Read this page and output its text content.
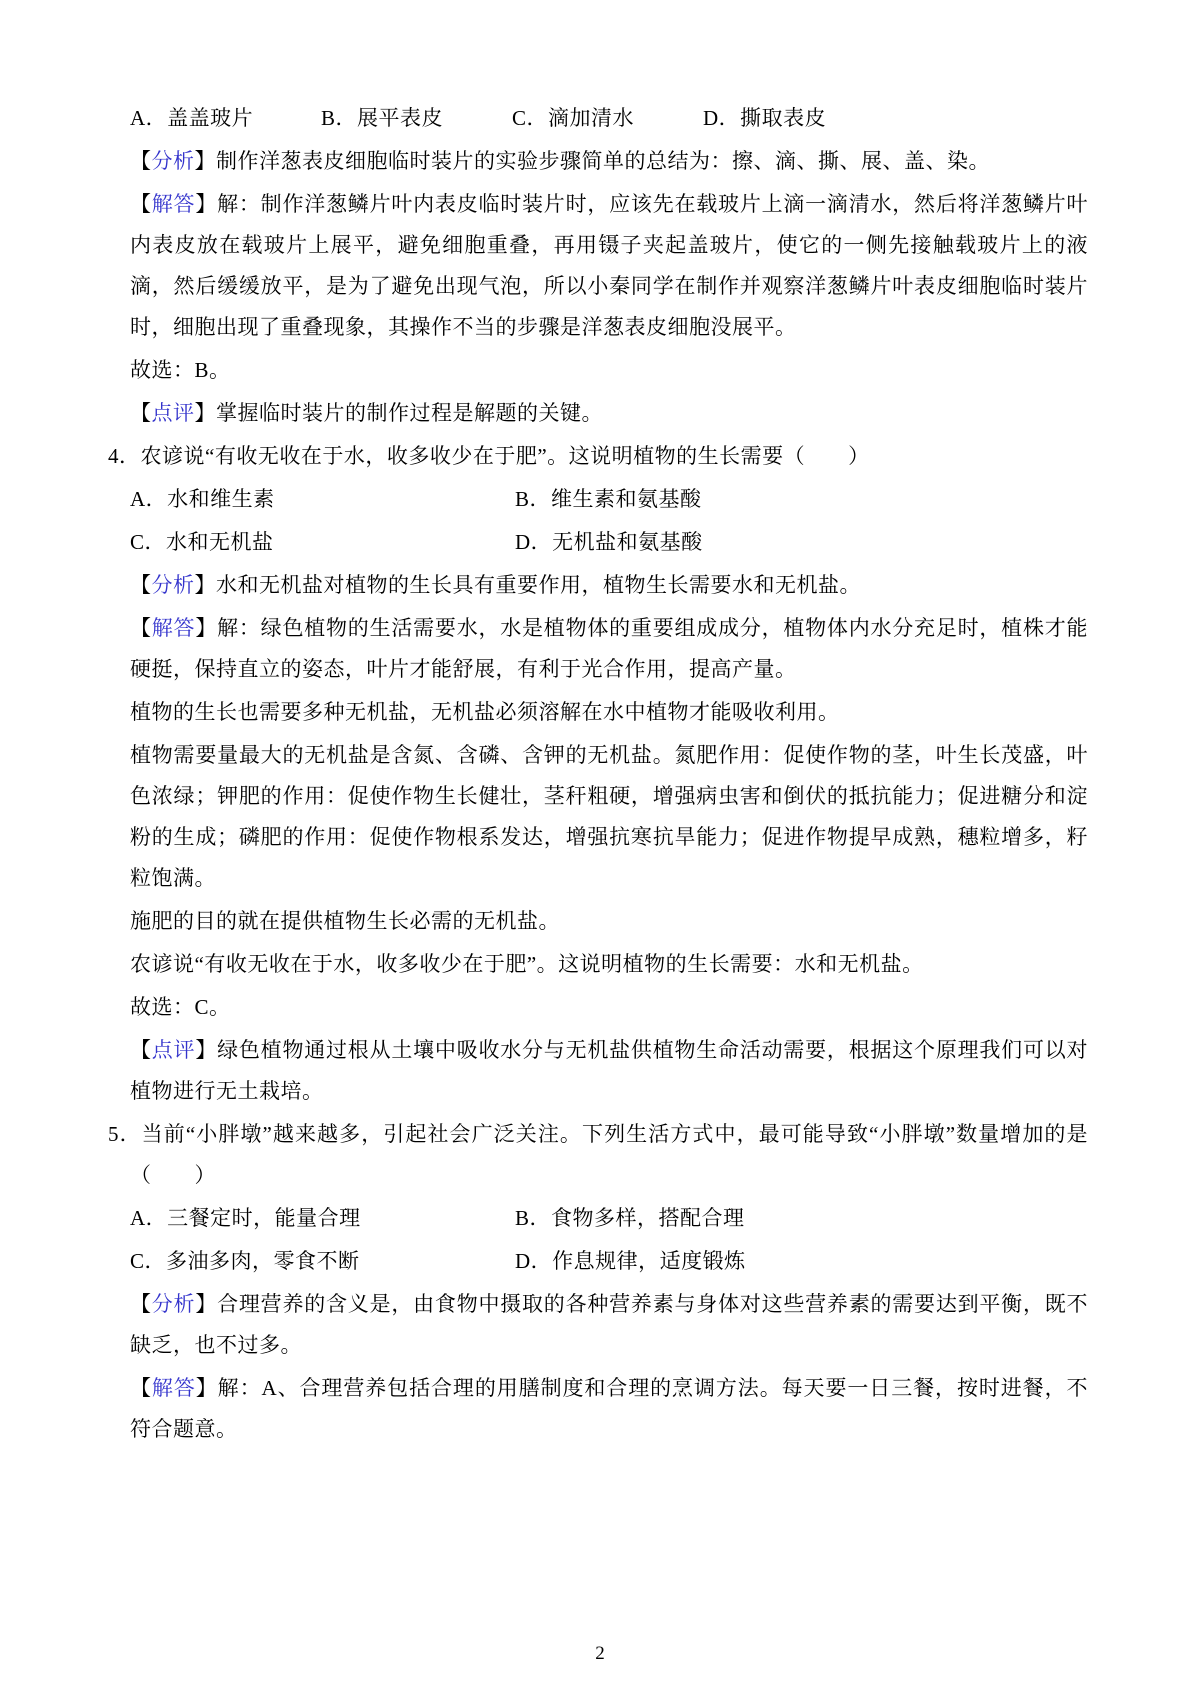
A．盖盖玻片	B．展平表皮	C．滴加清水	D．撕取表皮
【分析】制作洋葱表皮细胞临时装片的实验步骤简单的总结为：擦、滴、撕、展、盖、染。
【解答】解：制作洋葱鳞片叶内表皮临时装片时，应该先在载玻片上滴一滴清水，然后将洋葱鳞片叶内表皮放在载玻片上展平，避免细胞重叠，再用镊子夹起盖玻片，使它的一侧先接触载玻片上的液滴，然后缓缓放平，是为了避免出现气泡，所以小秦同学在制作并观察洋葱鳞片叶表皮细胞临时装片时，细胞出现了重叠现象，其操作不当的步骤是洋葱表皮细胞没展平。
故选：B。
【点评】掌握临时装片的制作过程是解题的关键。
4．农谚说“有收无收在于水，收多收少在于肥”。这说明植物的生长需要（　　）
A．水和维生素	B．维生素和氨基酸
C．水和无机盐	D．无机盐和氨基酸
【分析】水和无机盐对植物的生长具有重要作用，植物生长需要水和无机盐。
【解答】解：绿色植物的生活需要水，水是植物体的重要组成成分，植物体内水分充足时，植株才能硬挺，保持直立的姿态，叶片才能舒展，有利于光合作用，提高产量。
植物的生长也需要多种无机盐，无机盐必须溶解在水中植物才能吸收利用。
植物需要量最大的无机盐是含氮、含磷、含钾的无机盐。氮肥作用：促使作物的茎，叶生长茂盛，叶色浓绿；钾肥的作用：促使作物生长健壮，茎秆粗硬，增强病虫害和倒伏的抵抗能力；促进糖分和淀粉的生成；磷肥的作用：促使作物根系发达，增强抗寒抗旱能力；促进作物提早成熟，穗粒增多，籽粒饱满。
施肥的目的就在提供植物生长必需的无机盐。
农谚说“有收无收在于水，收多收少在于肥”。这说明植物的生长需要：水和无机盐。
故选：C。
【点评】绿色植物通过根从土壤中吸收水分与无机盐供植物生命活动需要，根据这个原理我们可以对植物进行无土栽培。
5．当前“小胖墩”越来越多，引起社会广泛关注。下列生活方式中，最可能导致“小胖墩”数量增加的是（　　）
A．三餐定时，能量合理	B．食物多样，搭配合理
C．多油多肉，零食不断	D．作息规律，适度锻炼
【分析】合理营养的含义是，由食物中摄取的各种营养素与身体对这些营养素的需要达到平衡，既不缺乏，也不过多。
【解答】解：A、合理营养包括合理的用膳制度和合理的烹调方法。每天要一日三餐，按时进餐，不符合题意。
2
